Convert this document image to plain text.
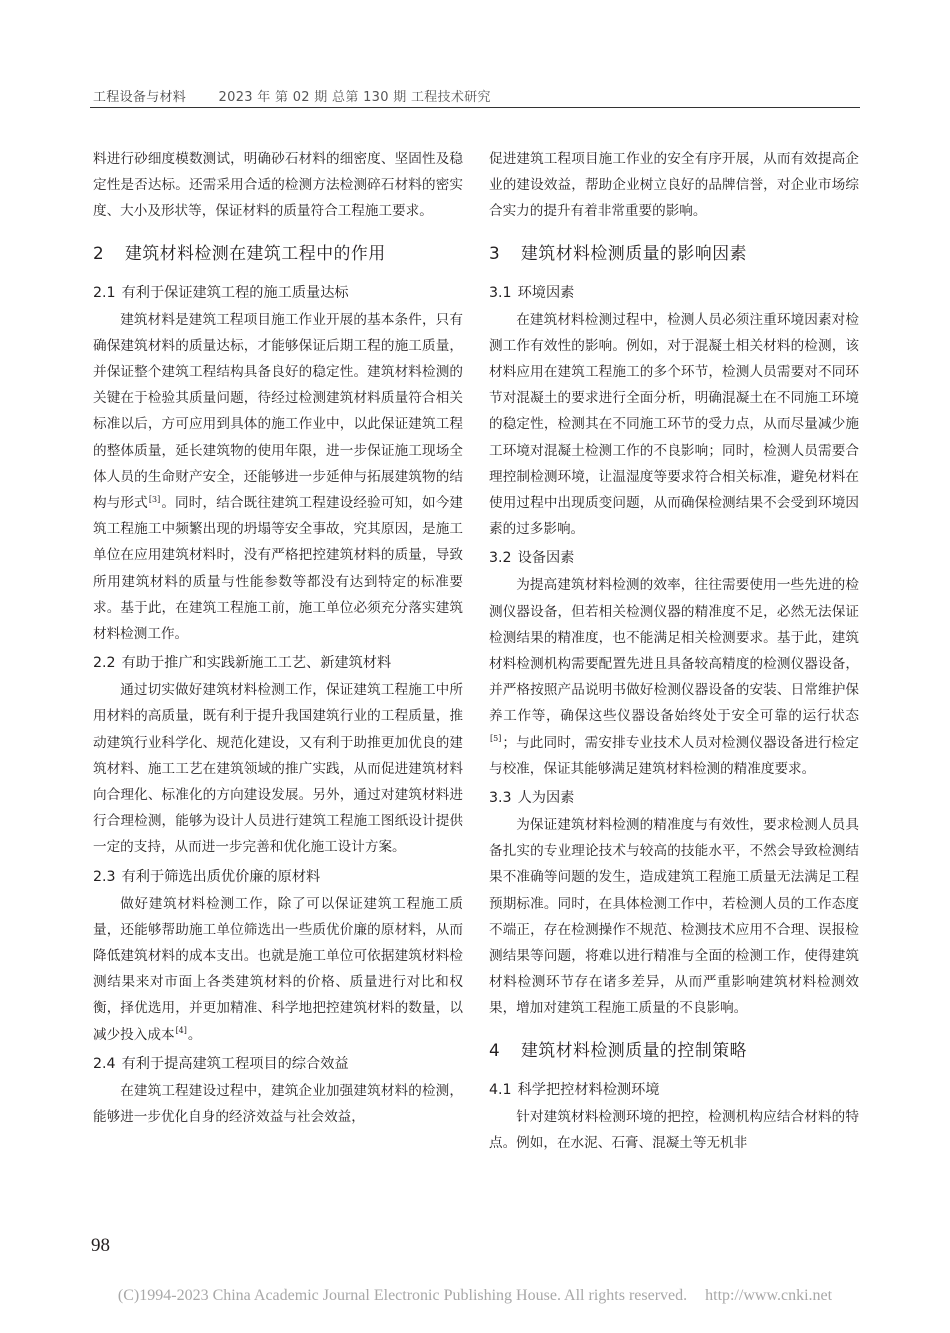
工程设备与材料 2023 年 第 02 期 总第 130 期 工程技术研究

料进行砂细度模数测试，明确砂石材料的细密度、坚固性及稳定性是否达标。还需采用合适的检测方法检测碎石材料的密实度、大小及形状等，保证材料的质量符合工程施工要求。

2 建筑材料检测在建筑工程中的作用
2.1 有利于保证建筑工程的施工质量达标

建筑材料是建筑工程项目施工作业开展的基本条件，只有确保建筑材料的质量达标，才能够保证后期工程的施工质量，并保证整个建筑工程结构具备良好的稳定性。建筑材料检测的关键在于检验其质量问题，待经过检测建筑材料质量符合相关标准以后，方可应用到具体的施工作业中，以此保证建筑工程的整体质量，延长建筑物的使用年限，进一步保证施工现场全体人员的生命财产安全，还能够进一步延伸与拓展建筑物的结构与形式[3]。同时，结合既往建筑工程建设经验可知，如今建筑工程施工中频繁出现的坍塌等安全事故，究其原因，是施工单位在应用建筑材料时，没有严格把控建筑材料的质量，导致所用建筑材料的质量与性能参数等都没有达到特定的标准要求。基于此，在建筑工程施工前，施工单位必须充分落实建筑材料检测工作。

2.2 有助于推广和实践新施工工艺、新建筑材料

通过切实做好建筑材料检测工作，保证建筑工程施工中所用材料的高质量，既有利于提升我国建筑行业的工程质量，推动建筑行业科学化、规范化建设，又有利于助推更加优良的建筑材料、施工工艺在建筑领域的推广实践，从而促进建筑材料向合理化、标准化的方向建设发展。另外，通过对建筑材料进行合理检测，能够为设计人员进行建筑工程施工图纸设计提供一定的支持，从而进一步完善和优化施工设计方案。

2.3 有利于筛选出质优价廉的原材料

做好建筑材料检测工作，除了可以保证建筑工程施工质量，还能够帮助施工单位筛选出一些质优价廉的原材料，从而降低建筑材料的成本支出。也就是施工单位可依据建筑材料检测结果来对市面上各类建筑材料的价格、质量进行对比和权衡，择优选用，并更加精准、科学地把控建筑材料的数量，以减少投入成本[4]。

2.4 有利于提高建筑工程项目的综合效益

在建筑工程建设过程中，建筑企业加强建筑材料的检测，能够进一步优化自身的经济效益与社会效益，

促进建筑工程项目施工作业的安全有序开展，从而有效提高企业的建设效益，帮助企业树立良好的品牌信誉，对企业市场综合实力的提升有着非常重要的影响。

3 建筑材料检测质量的影响因素
3.1 环境因素

在建筑材料检测过程中，检测人员必须注重环境因素对检测工作有效性的影响。例如，对于混凝土相关材料的检测，该材料应用在建筑工程施工的多个环节，检测人员需要对不同环节对混凝土的要求进行全面分析，明确混凝土在不同施工环境的稳定性，检测其在不同施工环节的受力点，从而尽量减少施工环境对混凝土检测工作的不良影响；同时，检测人员需要合理控制检测环境，让温湿度等要求符合相关标准，避免材料在使用过程中出现质变问题，从而确保检测结果不会受到环境因素的过多影响。

3.2 设备因素

为提高建筑材料检测的效率，往往需要使用一些先进的检测仪器设备，但若相关检测仪器的精准度不足，必然无法保证检测结果的精准度，也不能满足相关检测要求。基于此，建筑材料检测机构需要配置先进且具备较高精度的检测仪器设备，并严格按照产品说明书做好检测仪器设备的安装、日常维护保养工作等，确保这些仪器设备始终处于安全可靠的运行状态[5]；与此同时，需安排专业技术人员对检测仪器设备进行检定与校准，保证其能够满足建筑材料检测的精准度要求。

3.3 人为因素

为保证建筑材料检测的精准度与有效性，要求检测人员具备扎实的专业理论技术与较高的技能水平，不然会导致检测结果不准确等问题的发生，造成建筑工程施工质量无法满足工程预期标准。同时，在具体检测工作中，若检测人员的工作态度不端正，存在检测操作不规范、检测技术应用不合理、误报检测结果等问题，将难以进行精准与全面的检测工作，使得建筑材料检测环节存在诸多差异，从而严重影响建筑材料检测效果，增加对建筑工程施工质量的不良影响。

4 建筑材料检测质量的控制策略
4.1 科学把控材料检测环境

针对建筑材料检测环境的把控，检测机构应结合材料的特点。例如，在水泥、石膏、混凝土等无机非

98
(C)1994-2023 China Academic Journal Electronic Publishing House. All rights reserved. http://www.cnki.net
